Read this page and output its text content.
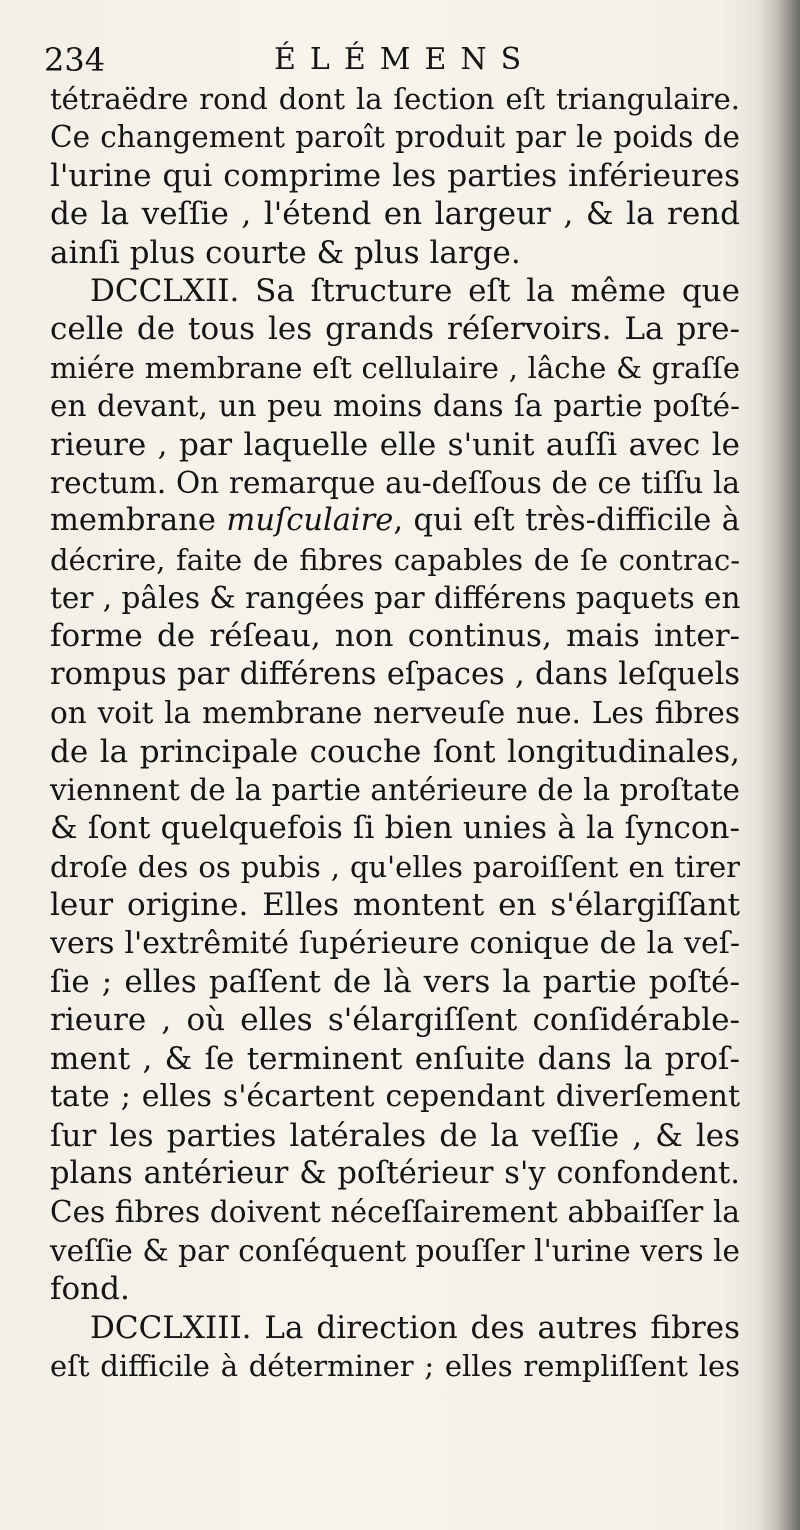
234	ÉLÉMENS
tétraëdre rond dont la ſection eſt triangulaire.
Ce changement paroît produit par le poids de
l'urine qui comprime les parties inférieures
de la veſſie , l'étend en largeur , & la rend
ainſi plus courte & plus large.
DCCLXII. Sa ſtructure eſt la même que
celle de tous les grands réſervoirs. La pre-
miére membrane eſt cellulaire , lâche & graſſe
en devant, un peu moins dans ſa partie poſté-
rieure , par laquelle elle s'unit auſſi avec le
rectum. On remarque au-deſſous de ce tiſſu la
membrane muſculaire, qui eſt très-difficile à
décrire, faite de fibres capables de ſe contrac-
ter , pâles & rangées par différens paquets en
forme de réſeau, non continus, mais inter-
rompus par différens eſpaces , dans leſquels
on voit la membrane nerveuſe nue. Les fibres
de la principale couche ſont longitudinales,
viennent de la partie antérieure de la proſtate
& ſont quelquefois ſi bien unies à la ſyncon-
droſe des os pubis , qu'elles paroiſſent en tirer
leur origine. Elles montent en s'élargiſſant
vers l'extrêmité ſupérieure conique de la veſ-
ſie ; elles paſſent de là vers la partie poſté-
rieure , où elles s'élargiſſent conſidérable-
ment , & ſe terminent enſuite dans la proſ-
tate ; elles s'écartent cependant diverſement
ſur les parties latérales de la veſſie , & les
plans antérieur & poſtérieur s'y confondent.
Ces fibres doivent néceſſairement abbaiſſer la
veſſie & par conſéquent pouſſer l'urine vers le
fond.
DCCLXIII. La direction des autres fibres
eſt difficile à déterminer ; elles rempliſſent les
